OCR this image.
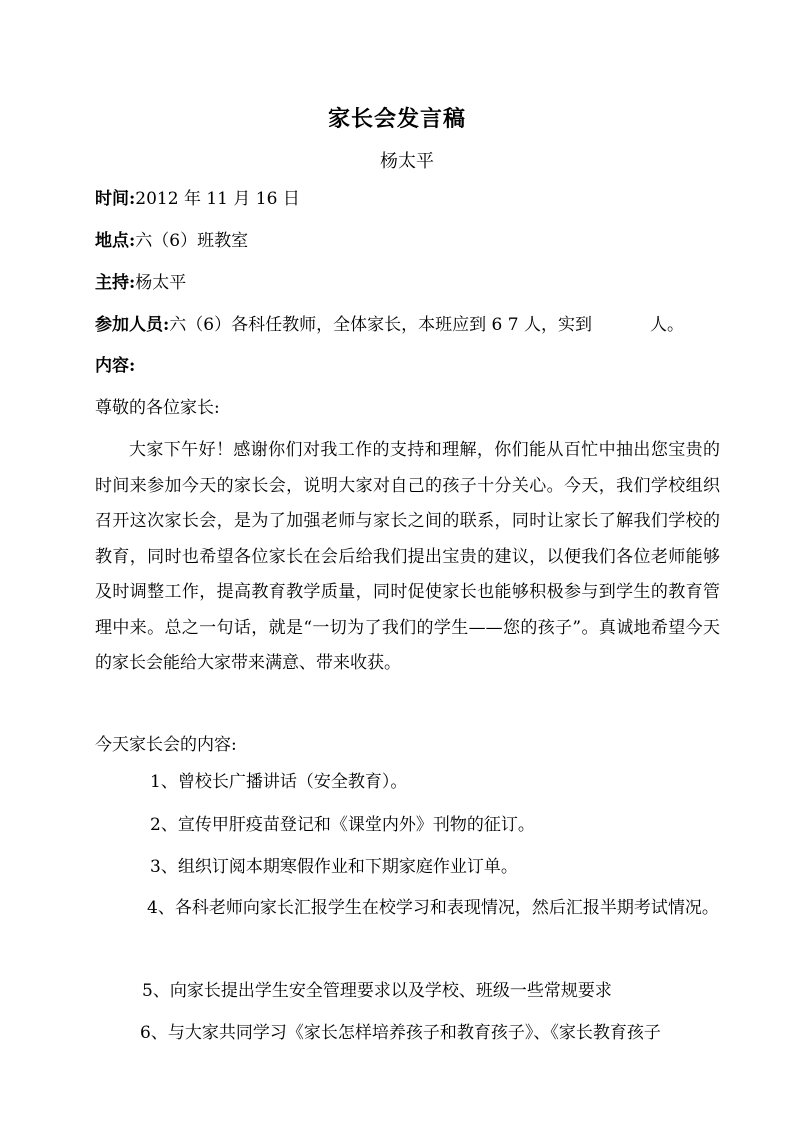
家长会发言稿
杨太平
时间:2012 年 11 月 16 日
地点:六（6）班教室
主持:杨太平
参加人员:六（6）各科任教师，全体家长，本班应到 6 7 人，实到	人。
内容:
尊敬的各位家长:
大家下午好！感谢你们对我工作的支持和理解，你们能从百忙中抽出您宝贵的时间来参加今天的家长会，说明大家对自己的孩子十分关心。今天，我们学校组织召开这次家长会，是为了加强老师与家长之间的联系，同时让家长了解我们学校的教育，同时也希望各位家长在会后给我们提出宝贵的建议，以便我们各位老师能够及时调整工作，提高教育教学质量，同时促使家长也能够积极参与到学生的教育管理中来。总之一句话，就是“一切为了我们的学生——您的孩子”。真诚地希望今天的家长会能给大家带来满意、带来收获。
今天家长会的内容:
1、曾校长广播讲话（安全教育）。
2、宣传甲肝疫苗登记和《课堂内外》刊物的征订。
3、组织订阅本期寒假作业和下期家庭作业订单。
4、各科老师向家长汇报学生在校学习和表现情况，然后汇报半期考试情况。
5、向家长提出学生安全管理要求以及学校、班级一些常规要求
6、与大家共同学习《家长怎样培养孩子和教育孩子》、《家长教育孩子
